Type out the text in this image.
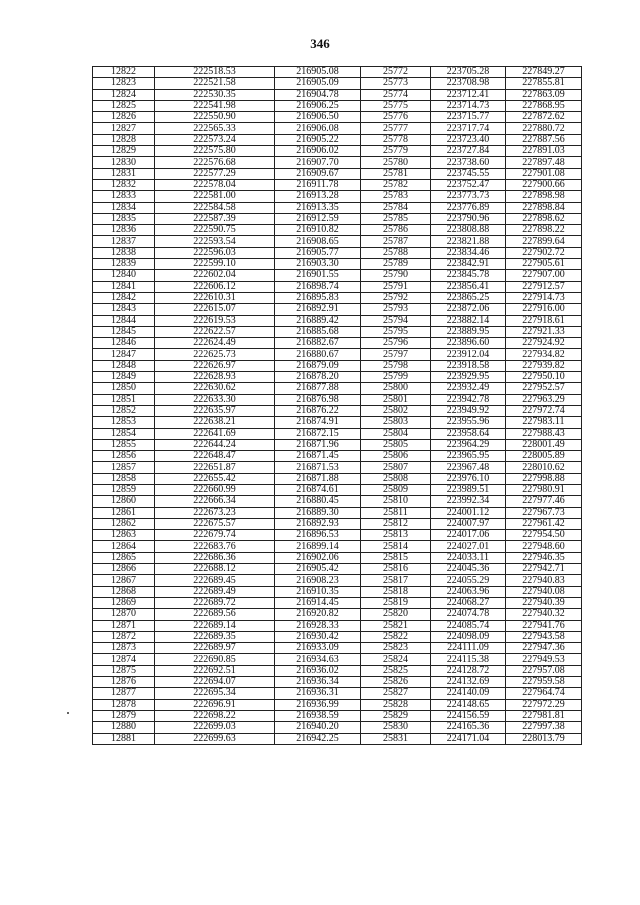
346
12822	222518.53	216905.08	25772	223705.28	227849.27
12823	222521.58	216905.09	25773	223708.98	227855.81
12824	222530.35	216904.78	25774	223712.41	227863.09
12825	222541.98	216906.25	25775	223714.73	227868.95
12826	222550.90	216906.50	25776	223715.77	227872.62
12827	222565.33	216906.08	25777	223717.74	227880.72
12828	222573.24	216905.22	25778	223723.40	227887.56
12829	222575.80	216906.02	25779	223727.84	227891.03
12830	222576.68	216907.70	25780	223738.60	227897.48
12831	222577.29	216909.67	25781	223745.55	227901.08
12832	222578.04	216911.78	25782	223752.47	227900.66
12833	222581.00	216913.28	25783	223773.73	227898.98
12834	222584.58	216913.35	25784	223776.89	227898.84
12835	222587.39	216912.59	25785	223790.96	227898.62
12836	222590.75	216910.82	25786	223808.88	227898.22
12837	222593.54	216908.65	25787	223821.88	227899.64
12838	222596.03	216905.77	25788	223834.46	227902.72
12839	222599.10	216903.30	25789	223842.91	227905.61
12840	222602.04	216901.55	25790	223845.78	227907.00
12841	222606.12	216898.74	25791	223856.41	227912.57
12842	222610.31	216895.83	25792	223865.25	227914.73
12843	222615.07	216892.91	25793	223872.06	227916.00
12844	222619.53	216889.42	25794	223882.14	227918.61
12845	222622.57	216885.68	25795	223889.95	227921.33
12846	222624.49	216882.67	25796	223896.60	227924.92
12847	222625.73	216880.67	25797	223912.04	227934.82
12848	222626.97	216879.09	25798	223918.58	227939.82
12849	222628.93	216878.20	25799	223929.95	227950.10
12850	222630.62	216877.88	25800	223932.49	227952.57
12851	222633.30	216876.98	25801	223942.78	227963.29
12852	222635.97	216876.22	25802	223949.92	227972.74
12853	222638.21	216874.91	25803	223955.96	227983.11
12854	222641.69	216872.15	25804	223958.64	227988.43
12855	222644.24	216871.96	25805	223964.29	228001.49
12856	222648.47	216871.45	25806	223965.95	228005.89
12857	222651.87	216871.53	25807	223967.48	228010.62
12858	222655.42	216871.88	25808	223976.10	227998.88
12859	222660.99	216874.61	25809	223989.51	227980.91
12860	222666.34	216880.45	25810	223992.34	227977.46
12861	222673.23	216889.30	25811	224001.12	227967.73
12862	222675.57	216892.93	25812	224007.97	227961.42
12863	222679.74	216896.53	25813	224017.06	227954.50
12864	222683.76	216899.14	25814	224027.01	227948.60
12865	222686.36	216902.06	25815	224033.11	227946.35
12866	222688.12	216905.42	25816	224045.36	227942.71
12867	222689.45	216908.23	25817	224055.29	227940.83
12868	222689.49	216910.35	25818	224063.96	227940.08
12869	222689.72	216914.45	25819	224068.27	227940.39
12870	222689.56	216920.82	25820	224074.78	227940.32
12871	222689.14	216928.33	25821	224085.74	227941.76
12872	222689.35	216930.42	25822	224098.09	227943.58
12873	222689.97	216933.09	25823	224111.09	227947.36
12874	222690.85	216934.63	25824	224115.38	227949.53
12875	222692.51	216936.02	25825	224128.72	227957.08
12876	222694.07	216936.34	25826	224132.69	227959.58
12877	222695.34	216936.31	25827	224140.09	227964.74
12878	222696.91	216936.99	25828	224148.65	227972.29
12879	222698.22	216938.59	25829	224156.59	227981.81
12880	222699.03	216940.20	25830	224165.36	227997.38
12881	222699.63	216942.25	25831	224171.04	228013.79
